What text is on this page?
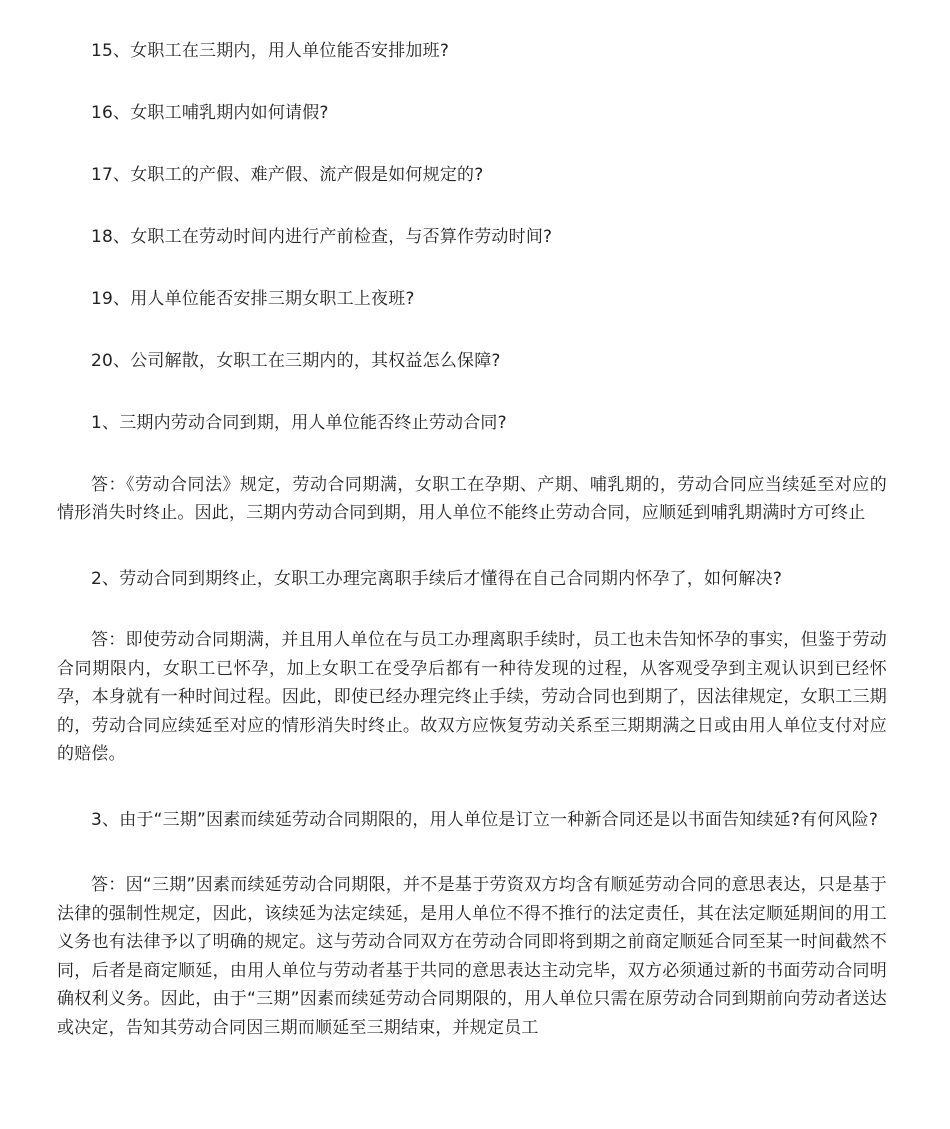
15、女职工在三期内，用人单位能否安排加班?

16、女职工哺乳期内如何请假?

17、女职工的产假、难产假、流产假是如何规定的?

18、女职工在劳动时间内进行产前检查，与否算作劳动时间?

19、用人单位能否安排三期女职工上夜班?

20、公司解散，女职工在三期内的，其权益怎么保障?

1、三期内劳动合同到期，用人单位能否终止劳动合同?

答：《劳动合同法》规定，劳动合同期满，女职工在孕期、产期、哺乳期的，劳动合同应当续延至对应的情形消失时终止。因此，三期内劳动合同到期，用人单位不能终止劳动合同，应顺延到哺乳期满时方可终止

2、劳动合同到期终止，女职工办理完离职手续后才懂得在自己合同期内怀孕了，如何解决?

答：即使劳动合同期满，并且用人单位在与员工办理离职手续时，员工也未告知怀孕的事实，但鉴于劳动合同期限内，女职工已怀孕，加上女职工在受孕后都有一种待发现的过程，从客观受孕到主观认识到已经怀孕，本身就有一种时间过程。因此，即使已经办理完终止手续，劳动合同也到期了，因法律规定，女职工三期的，劳动合同应续延至对应的情形消失时终止。故双方应恢复劳动关系至三期期满之日或由用人单位支付对应的赔偿。

3、由于“三期”因素而续延劳动合同期限的，用人单位是订立一种新合同还是以书面告知续延?有何风险?

答：因“三期”因素而续延劳动合同期限，并不是基于劳资双方均含有顺延劳动合同的意思表达，只是基于法律的强制性规定，因此，该续延为法定续延，是用人单位不得不推行的法定责任，其在法定顺延期间的用工义务也有法律予以了明确的规定。这与劳动合同双方在劳动合同即将到期之前商定顺延合同至某一时间截然不同，后者是商定顺延，由用人单位与劳动者基于共同的意思表达主动完毕，双方必须通过新的书面劳动合同明确权利义务。因此，由于“三期”因素而续延劳动合同期限的，用人单位只需在原劳动合同到期前向劳动者送达或决定，告知其劳动合同因三期而顺延至三期结束，并规定员工
